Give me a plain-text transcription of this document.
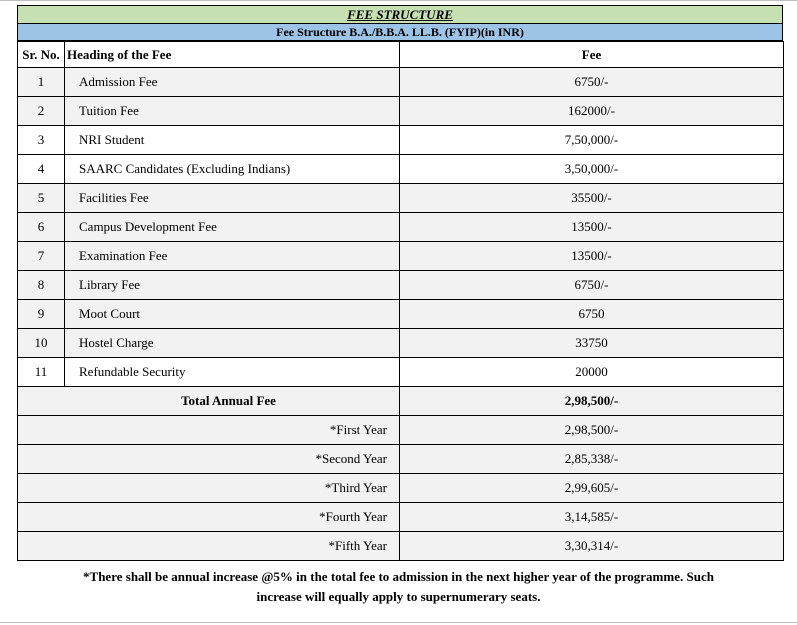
FEE STRUCTURE
Fee Structure B.A./B.B.A. LL.B. (FYIP)(in INR)
Sr. No.	Heading of the Fee	Fee
1	Admission Fee	6750/-
2	Tuition Fee	162000/-
3	NRI Student	7,50,000/-
4	SAARC Candidates (Excluding Indians)	3,50,000/-
5	Facilities Fee	35500/-
6	Campus Development Fee	13500/-
7	Examination Fee	13500/-
8	Library Fee	6750/-
9	Moot Court	6750
10	Hostel Charge	33750
11	Refundable Security	20000
Total Annual Fee		2,98,500/-
*First Year		2,98,500/-
*Second Year		2,85,338/-
*Third Year		2,99,605/-
*Fourth Year		3,14,585/-
*Fifth Year		3,30,314/-
*There shall be annual increase @5% in the total fee to admission in the next higher year of the programme. Such
increase will equally apply to supernumerary seats.
